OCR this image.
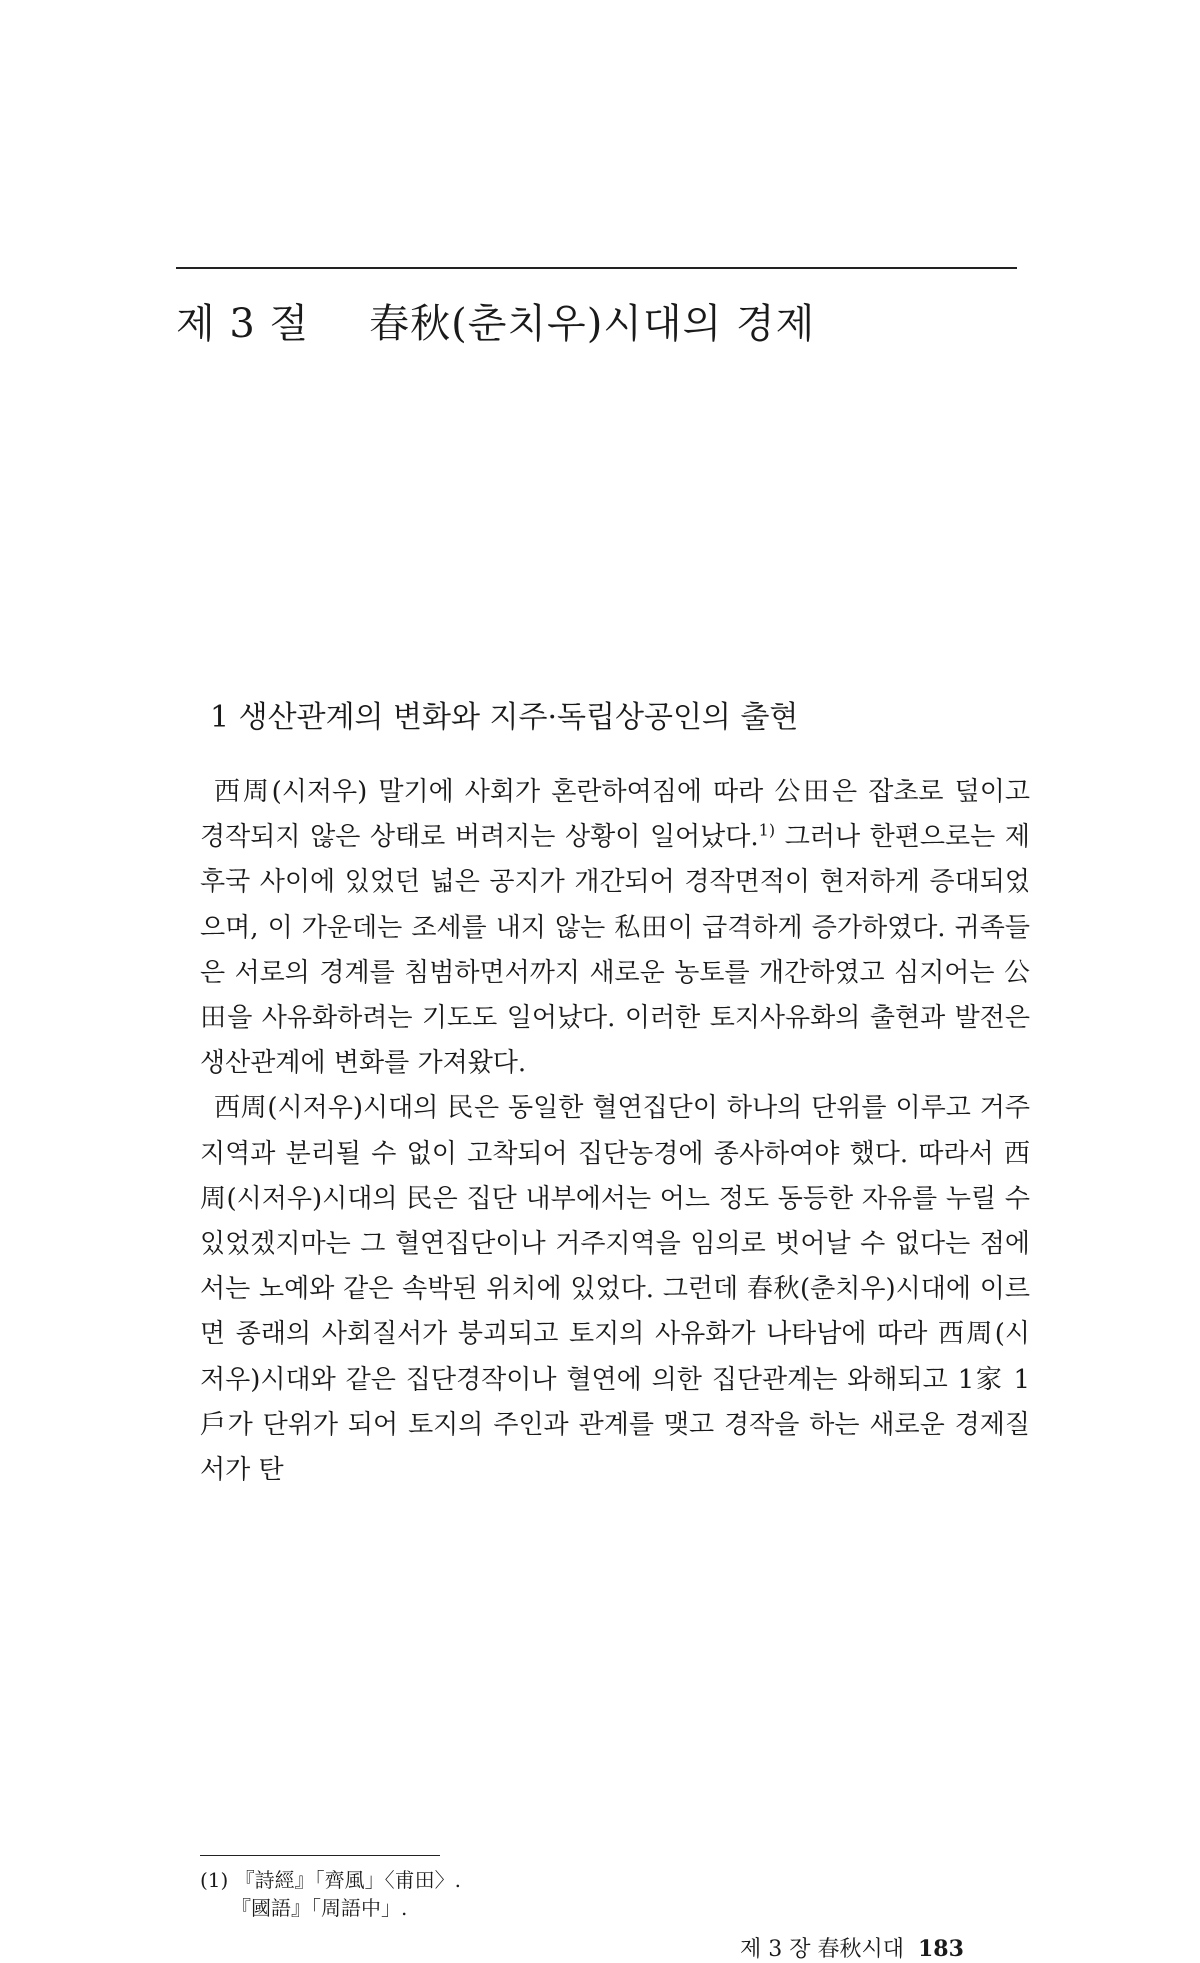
제 3 절 春秋(춘치우)시대의 경제
1 생산관계의 변화와 지주·독립상공인의 출현

西周(시저우) 말기에 사회가 혼란하여짐에 따라 公田은 잡초로 덮이고 경작되지 않은 상태로 버려지는 상황이 일어났다.$^{1)}$ 그러나 한편으로는 제후국 사이에 있었던 넓은 공지가 개간되어 경작면적이 현저하게 증대되었으며, 이 가운데는 조세를 내지 않는 私田이 급격하게 증가하였다. 귀족들은 서로의 경계를 침범하면서까지 새로운 농토를 개간하였고 심지어는 公田을 사유화하려는 기도도 일어났다. 이러한 토지사유화의 출현과 발전은 생산관계에 변화를 가져왔다.

西周(시저우)시대의 民은 동일한 혈연집단이 하나의 단위를 이루고 거주지역과 분리될 수 없이 고착되어 집단농경에 종사하여야 했다. 따라서 西周(시저우)시대의 民은 집단 내부에서는 어느 정도 동등한 자유를 누릴 수 있었겠지마는 그 혈연집단이나 거주지역을 임의로 벗어날 수 없다는 점에서는 노예와 같은 속박된 위치에 있었다. 그런데 春秋(춘치우)시대에 이르면 종래의 사회질서가 붕괴되고 토지의 사유화가 나타남에 따라 西周(시저우)시대와 같은 집단경작이나 혈연에 의한 집단관계는 와해되고 1家 1戶가 단위가 되어 토지의 주인과 관계를 맺고 경작을 하는 새로운 경제질서가 탄

(1) 『詩經』「齊風」〈甫田〉.
『國語』「周語中」.
제 3 장 春秋시대 183
